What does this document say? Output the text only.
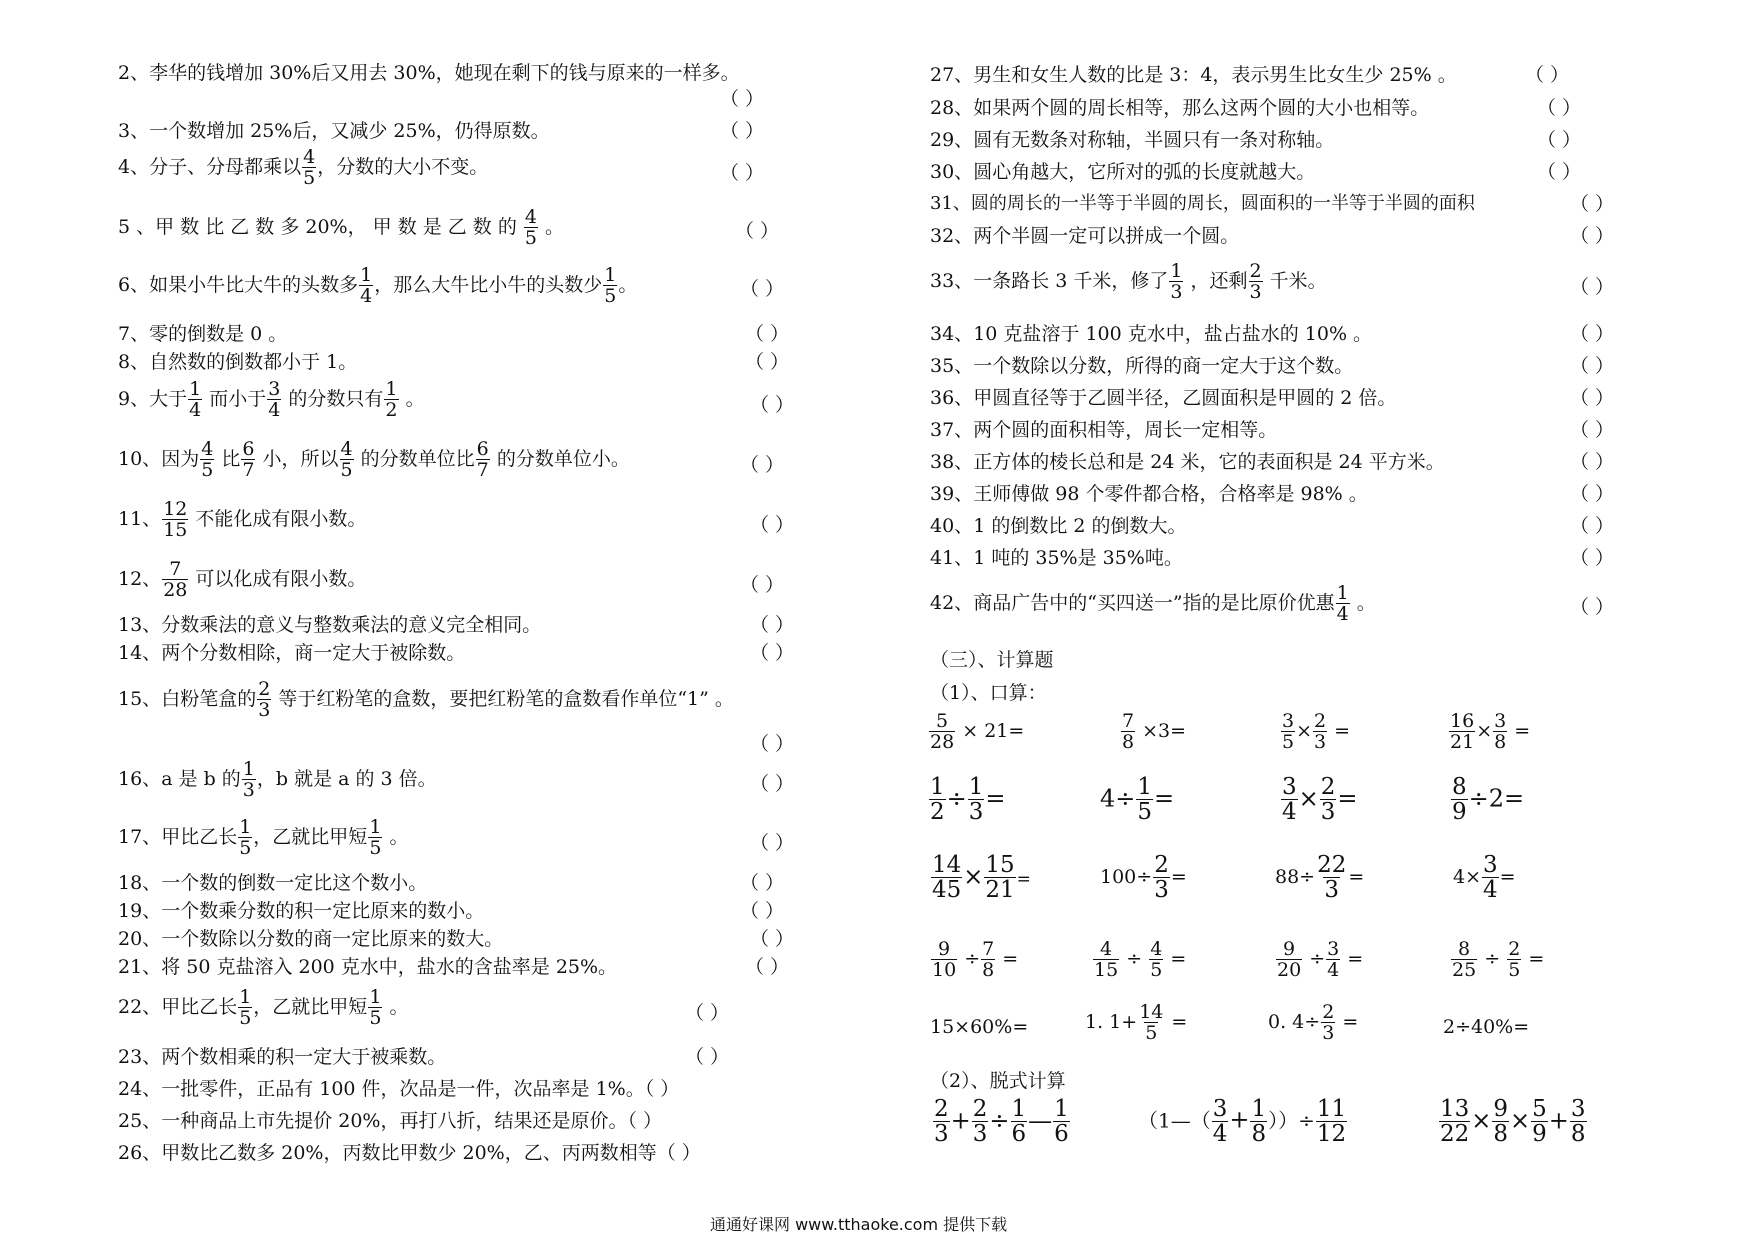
2、李华的钱增加 30%后又用去 30%，她现在剩下的钱与原来的一样多。
（ ）
3、一个数增加 25%后，又减少 25%，仍得原数。	（ ）
4、分子、分母都乘以 $\frac{4}{5}$ ，分数的大小不变。	（ ）
5 、甲 数 比 乙 数 多 20%， 甲 数 是 乙 数 的 $\frac{4}{5}$ 。	（ ）
6、如果小牛比大牛的头数多 $\frac{1}{4}$ ，那么大牛比小牛的头数少 $\frac{1}{5}$ 。	（ ）
7、零的倒数是 0 。	（ ）
8、自然数的倒数都小于 1。	（ ）
9、大于 $\frac{1}{4}$ 而小于 $\frac{3}{4}$ 的分数只有 $\frac{1}{2}$ 。	（ ）
10、因为 $\frac{4}{5}$ 比 $\frac{6}{7}$ 小，所以 $\frac{4}{5}$ 的分数单位比 $\frac{6}{7}$ 的分数单位小。	（ ）
11、 $\frac{12}{15}$ 不能化成有限小数。	（ ）
12、 $\frac{7}{28}$ 可以化成有限小数。	（ ）
13、分数乘法的意义与整数乘法的意义完全相同。	（ ）
14、两个分数相除，商一定大于被除数。	（ ）
15、白粉笔盒的 $\frac{2}{3}$ 等于红粉笔的盒数，要把红粉笔的盒数看作单位“1” 。
（ ）
16、a 是 b 的 $\frac{1}{3}$ ，b 就是 a 的 3 倍。	（ ）
17、甲比乙长 $\frac{1}{5}$ ，乙就比甲短 $\frac{1}{5}$ 。	（ ）
18、一个数的倒数一定比这个数小。	（ ）
19、一个数乘分数的积一定比原来的数小。	（ ）
20、一个数除以分数的商一定比原来的数大。	（ ）
21、将 50 克盐溶入 200 克水中，盐水的含盐率是 25%。	（ ）
22、甲比乙长 $\frac{1}{5}$ ，乙就比甲短 $\frac{1}{5}$ 。	（ ）
23、两个数相乘的积一定大于被乘数。	（ ）
24、一批零件，正品有 100 件，次品是一件，次品率是 1%。（ ）
25、一种商品上市先提价 20%，再打八折，结果还是原价。（ ）
26、甲数比乙数多 20%，丙数比甲数少 20%，乙、丙两数相等（ ）
27、男生和女生人数的比是 3：4，表示男生比女生少 25% 。	（ ）
28、如果两个圆的周长相等，那么这两个圆的大小也相等。	（ ）
29、圆有无数条对称轴，半圆只有一条对称轴。	（ ）
30、圆心角越大，它所对的弧的长度就越大。	（ ）
31、圆的周长的一半等于半圆的周长，圆面积的一半等于半圆的面积	（ ）
32、两个半圆一定可以拼成一个圆。	（ ）
33、一条路长 3 千米，修了 $\frac{1}{3}$ ，还剩 $\frac{2}{3}$ 千米。	（ ）
34、10 克盐溶于 100 克水中，盐占盐水的 10% 。	（ ）
35、一个数除以分数，所得的商一定大于这个数。	（ ）
36、甲圆直径等于乙圆半径，乙圆面积是甲圆的 2 倍。	（ ）
37、两个圆的面积相等，周长一定相等。	（ ）
38、正方体的棱长总和是 24 米，它的表面积是 24 平方米。	（ ）
39、王师傅做 98 个零件都合格，合格率是 98% 。	（ ）
40、1 的倒数比 2 的倒数大。	（ ）
41、1 吨的 35%是 35%吨。	（ ）
42、商品广告中的“买四送一”指的是比原价优惠 $\frac{1}{4}$ 。	（ ）
（三）、计算题
（1）、口算：
$\frac{5}{28} \times 21=$	$\frac{7}{8} \times 3=$	$\frac{3}{5} \times \frac{2}{3}$ =	$\frac{16}{21} \times \frac{3}{8}$ =
$\frac{1}{2} \div \frac{1}{3}$ =	$4\div \frac{1}{5}$ =	$\frac{3}{4} \times \frac{2}{3}$ =	$\frac{8}{9} \div 2=$
$\frac{14}{45} \times \frac{15}{21}$ =	$100\div \frac{2}{3}$ =	$88\div \frac{22}{3}$ =	$4\times \frac{3}{4}$ =
$\frac{9}{10} \div \frac{7}{8}$ =	$\frac{4}{15} \div \frac{4}{5}$ =	$\frac{9}{20} \div \frac{3}{4}$ =	$\frac{8}{25} \div \frac{2}{5}$ =
15×60%=	1. $1+ \frac{14}{5}$ =	0. $4\div \frac{2}{3}$ =	2÷40%=
（2）、脱式计算
$\frac{2}{3} + \frac{2}{3} \div \frac{1}{6}$ — $\frac{1}{6}$	（1—（ $\frac{3}{4} + \frac{1}{8}$ ））÷ $\frac{11}{12}$	$\frac{13}{22} \times \frac{9}{8} \times \frac{5}{9} + \frac{3}{8}$
通通好课网 www.tthaoke.com 提供下载
